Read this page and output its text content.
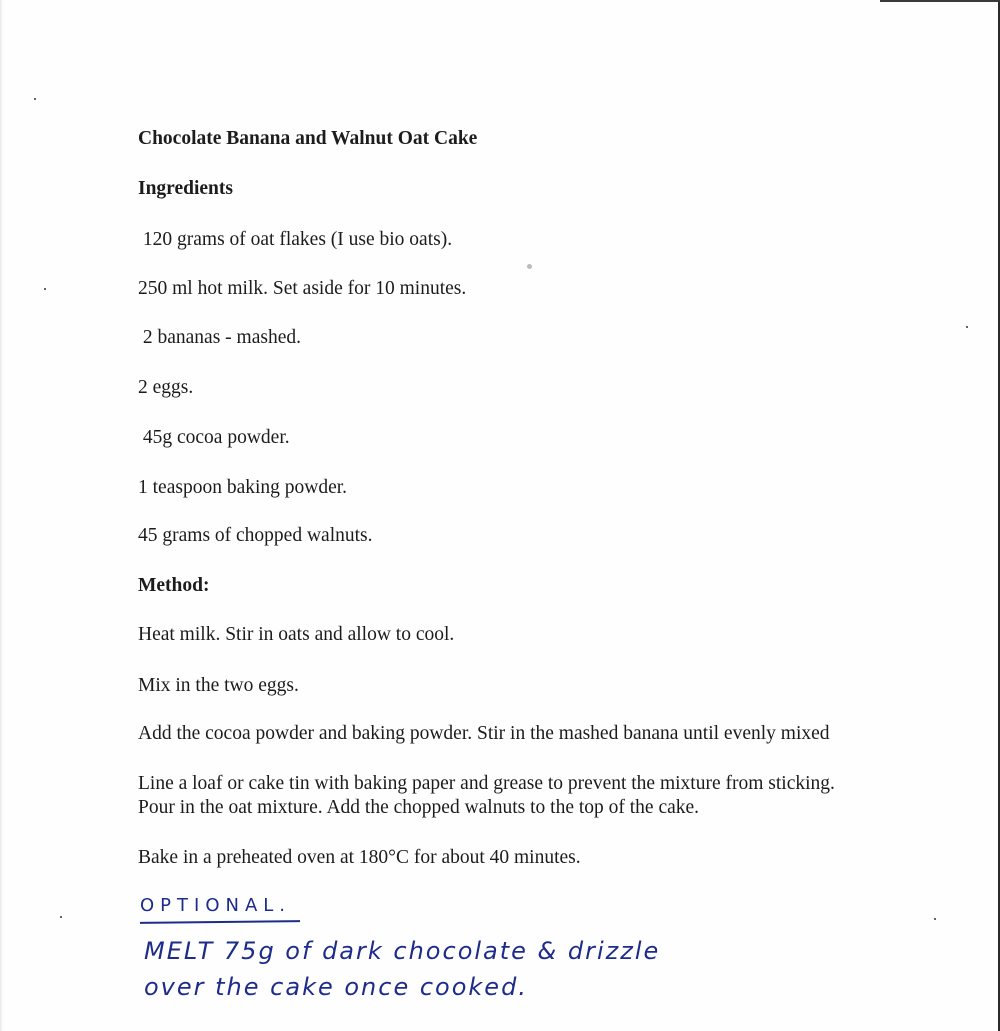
Chocolate Banana and Walnut Oat Cake
Ingredients
120 grams of oat flakes (I use bio oats).
250 ml hot milk. Set aside for 10 minutes.
2 bananas - mashed.
2 eggs.
45g cocoa powder.
1 teaspoon baking powder.
45 grams of chopped walnuts.
Method:
Heat milk. Stir in oats and allow to cool.
Mix in the two eggs.
Add the cocoa powder and baking powder. Stir in the mashed banana until evenly mixed
Line a loaf or cake tin with baking paper and grease to prevent the mixture from sticking.
Pour in the oat mixture. Add the chopped walnuts to the top of the cake.
Bake in a preheated oven at 180°C for about 40 minutes.
OPTIONAL.
MELT 75g of dark chocolate & drizzle
over the cake once cooked.
